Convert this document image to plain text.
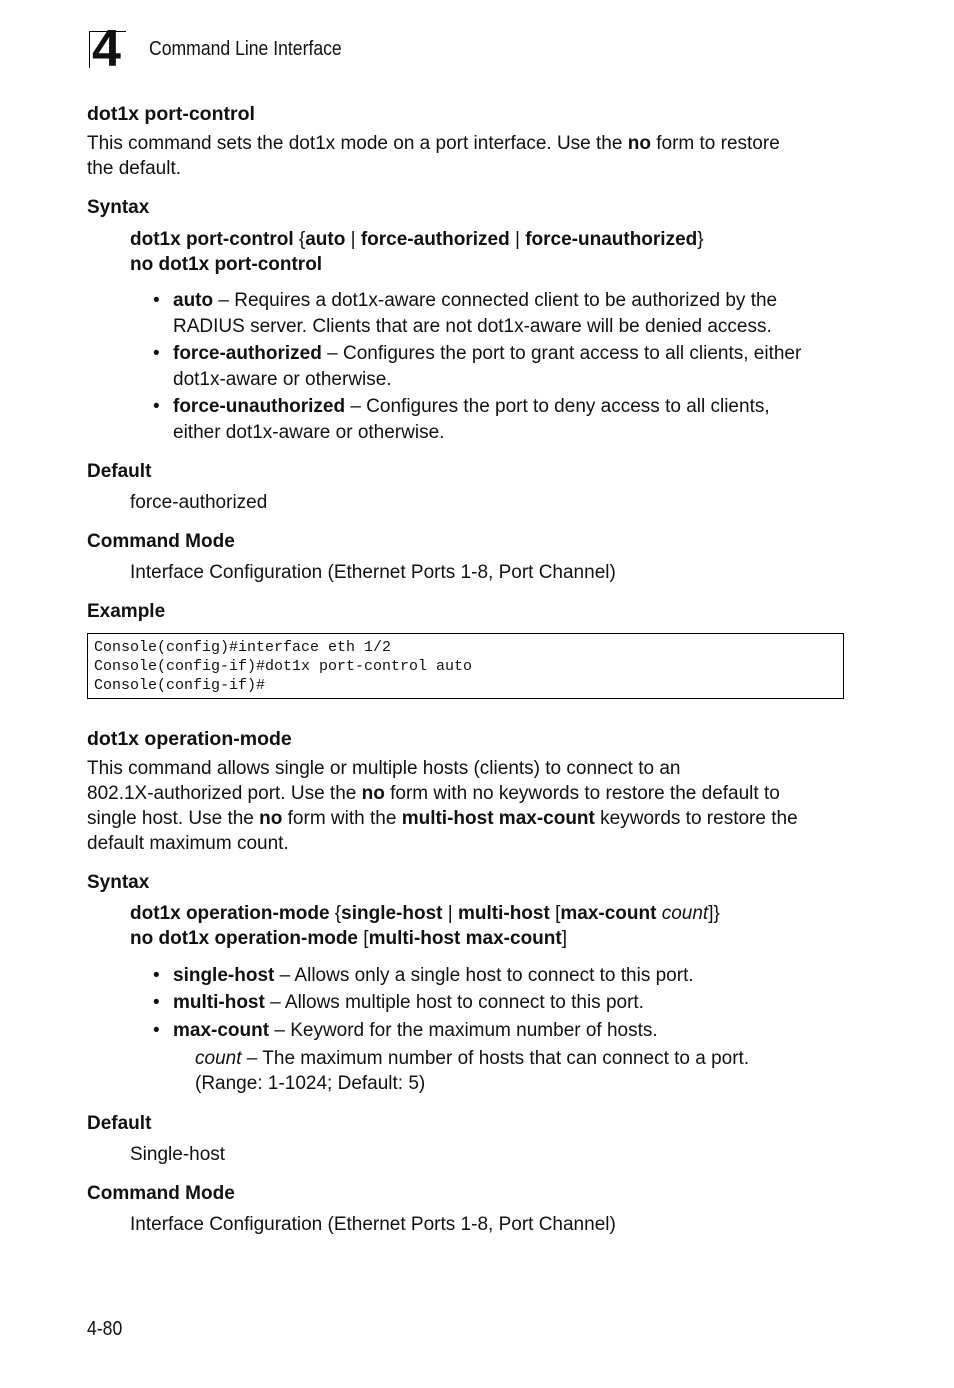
4 Command Line Interface
dot1x port-control
This command sets the dot1x mode on a port interface. Use the no form to restore
the default.
Syntax
dot1x port-control {auto | force-authorized | force-unauthorized}
no dot1x port-control
• auto – Requires a dot1x-aware connected client to be authorized by the
RADIUS server. Clients that are not dot1x-aware will be denied access.
• force-authorized – Configures the port to grant access to all clients, either
dot1x-aware or otherwise.
• force-unauthorized – Configures the port to deny access to all clients,
either dot1x-aware or otherwise.
Default
force-authorized
Command Mode
Interface Configuration (Ethernet Ports 1-8, Port Channel)
Example
Console(config)#interface eth 1/2
Console(config-if)#dot1x port-control auto
Console(config-if)#
dot1x operation-mode
This command allows single or multiple hosts (clients) to connect to an
802.1X-authorized port. Use the no form with no keywords to restore the default to
single host. Use the no form with the multi-host max-count keywords to restore the
default maximum count.
Syntax
dot1x operation-mode {single-host | multi-host [max-count count]}
no dot1x operation-mode [multi-host max-count]
• single-host – Allows only a single host to connect to this port.
• multi-host – Allows multiple host to connect to this port.
• max-count – Keyword for the maximum number of hosts.
count – The maximum number of hosts that can connect to a port.
(Range: 1-1024; Default: 5)
Default
Single-host
Command Mode
Interface Configuration (Ethernet Ports 1-8, Port Channel)
4-80
